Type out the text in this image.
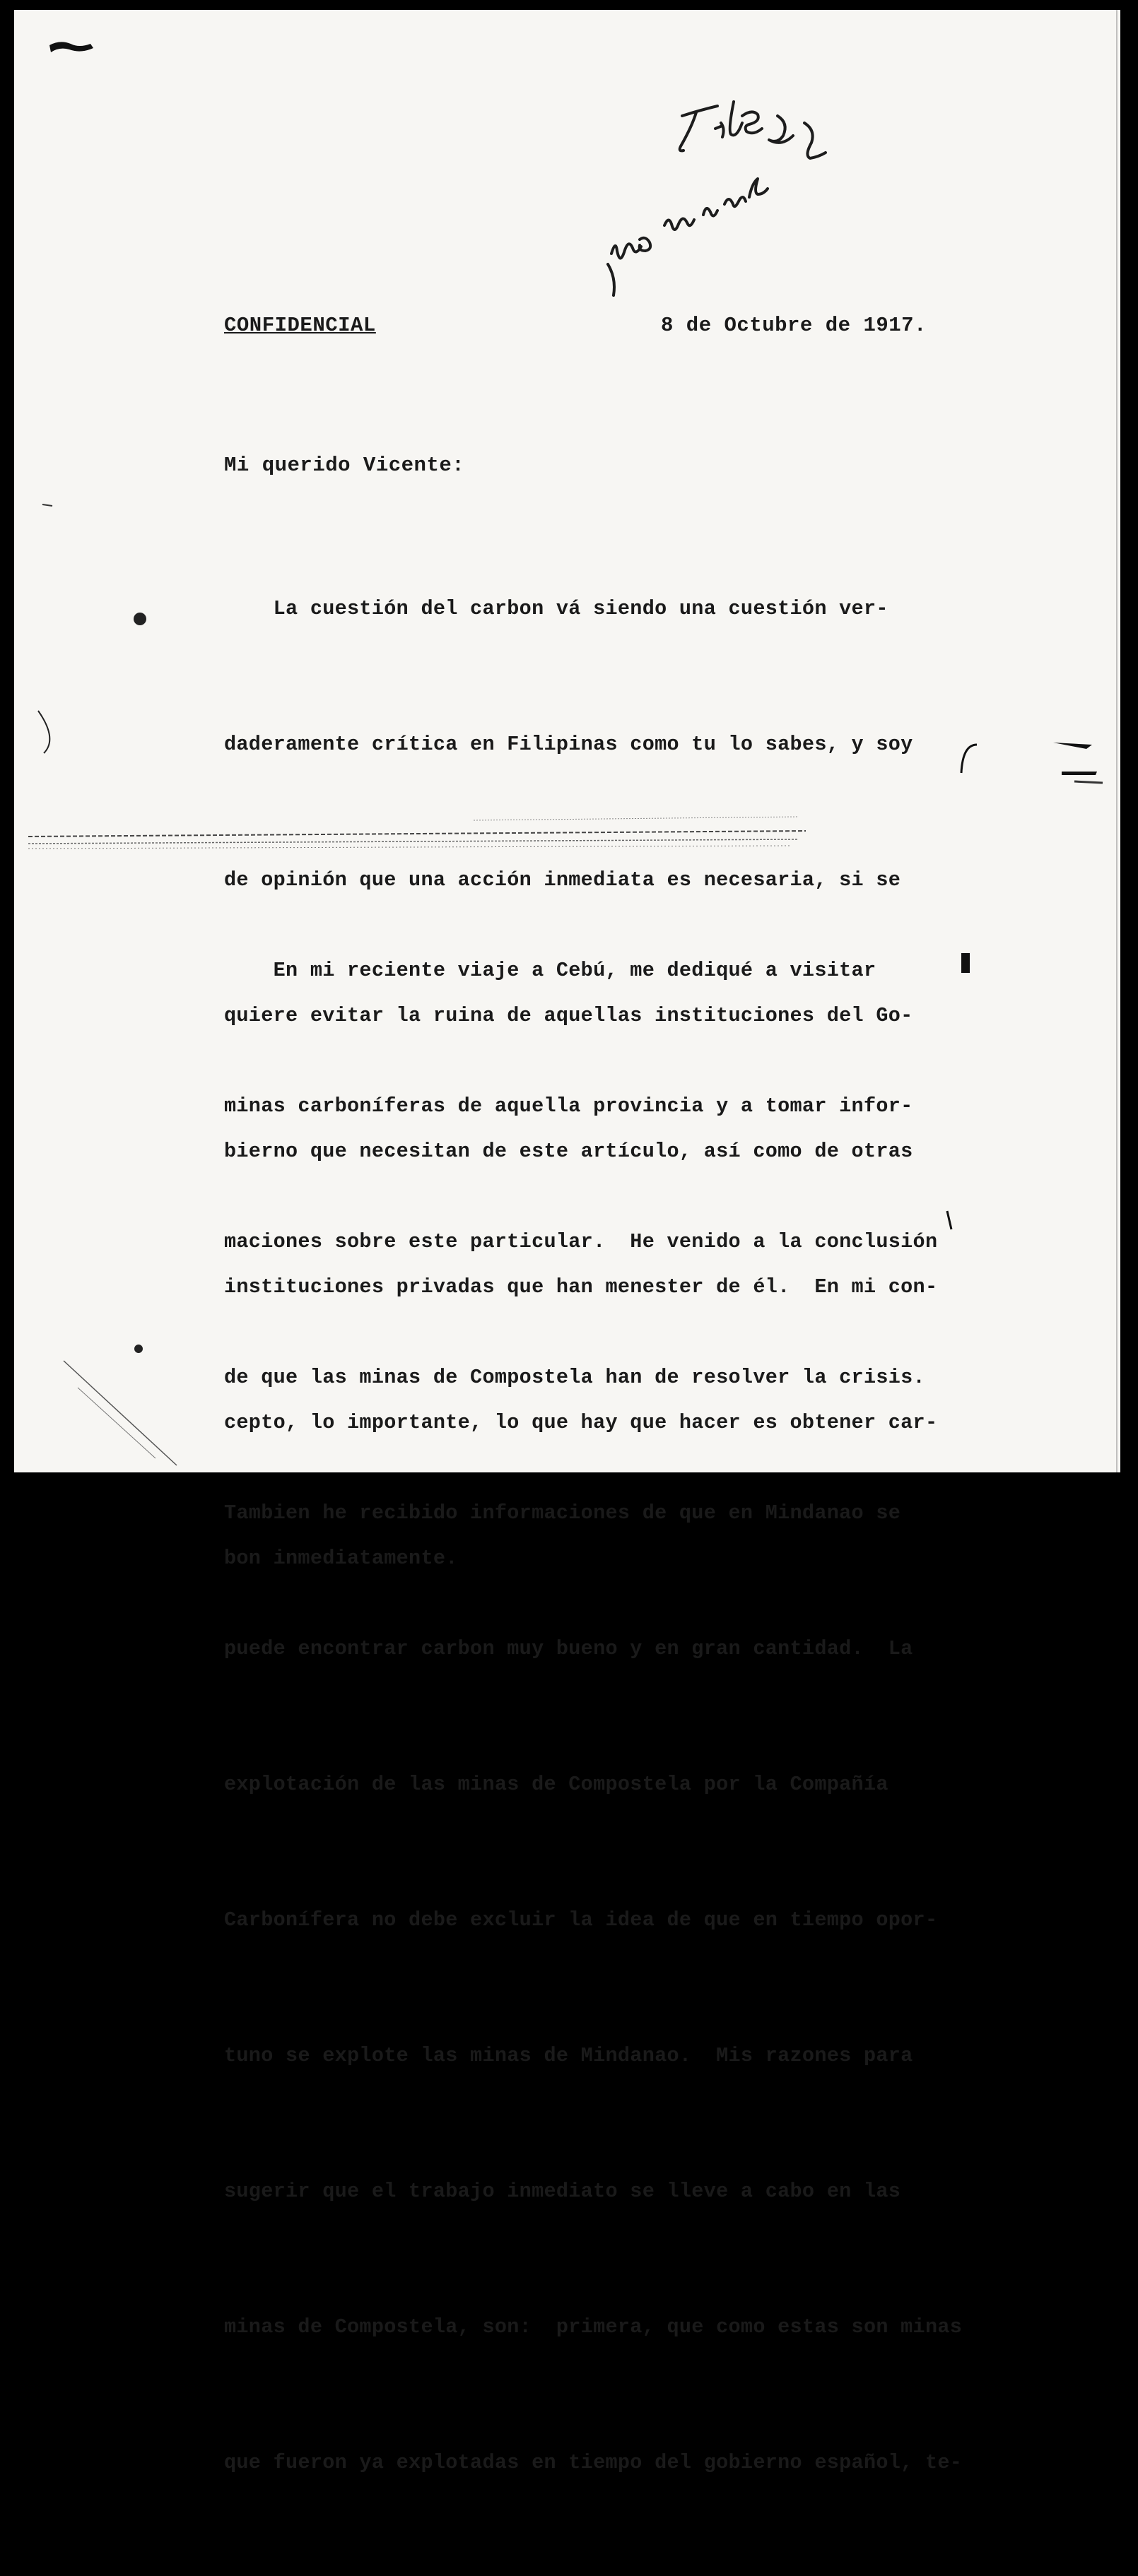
CONFIDENCIAL	8 de Octubre de 1917.

Mi querido Vicente:

La cuestión del carbon vá siendo una cuestión ver-

daderamente crítica en Filipinas como tu lo sabes, y soy

de opinión que una acción inmediata es necesaria, si se

quiere evitar la ruina de aquellas instituciones del Go-

bierno que necesitan de este artículo, así como de otras

instituciones privadas que han menester de él.  En mi con-

cepto, lo importante, lo que hay que hacer es obtener car-

bon inmediatamente.

En mi reciente viaje a Cebú, me dediqué a visitar

minas carboníferas de aquella provincia y a tomar infor-

maciones sobre este particular.  He venido a la conclusión

de que las minas de Compostela han de resolver la crisis.

Tambien he recibido informaciones de que en Mindanao se

puede encontrar carbon muy bueno y en gran cantidad.  La

explotación de las minas de Compostela por la Compañía

Carbonífera no debe excluir la idea de que en tiempo opor-

tuno se explote las minas de Mindanao.  Mis razones para

sugerir que el trabajo inmediato se lleve a cabo en las

minas de Compostela, son:  primera, que como estas son minas

que fueron ya explotadas en tiempo del gobierno español, te-
